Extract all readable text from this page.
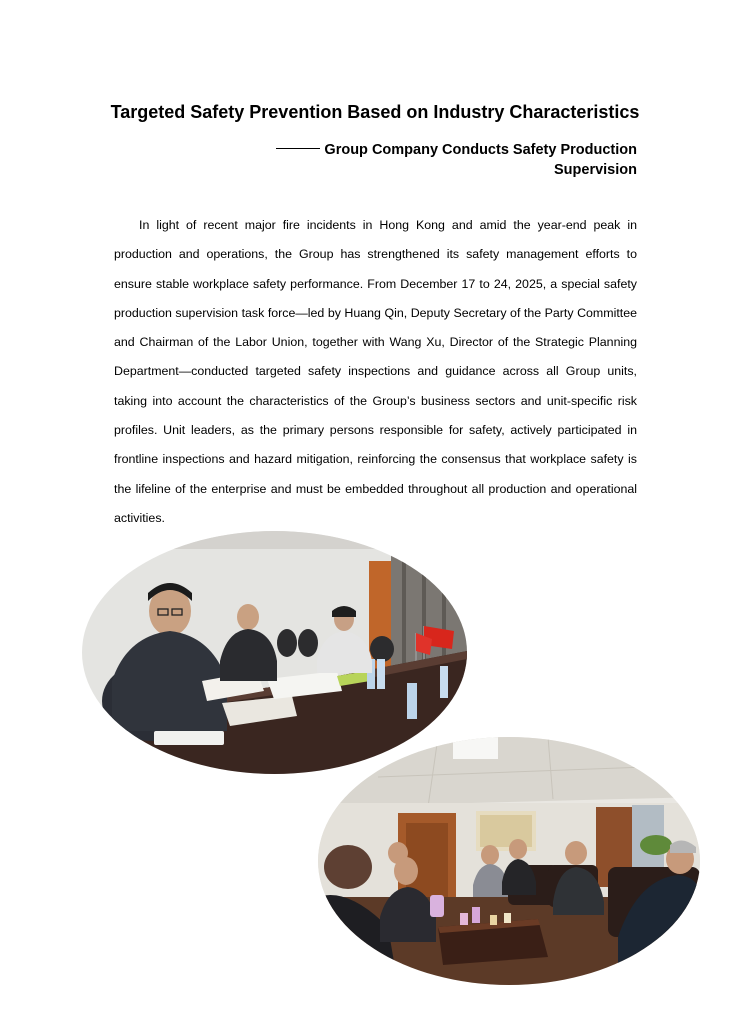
Targeted Safety Prevention Based on Industry Characteristics
Group Company Conducts Safety Production Supervision

In light of recent major fire incidents in Hong Kong and amid the year-end peak in production and operations, the Group has strengthened its safety management efforts to ensure stable workplace safety performance. From December 17 to 24, 2025, a special safety production supervision task force—led by Huang Qin, Deputy Secretary of the Party Committee and Chairman of the Labor Union, together with Wang Xu, Director of the Strategic Planning Department—conducted targeted safety inspections and guidance across all Group units, taking into account the characteristics of the Group’s business sectors and unit-specific risk profiles. Unit leaders, as the primary persons responsible for safety, actively participated in frontline inspections and hazard mitigation, reinforcing the consensus that workplace safety is the lifeline of the enterprise and must be embedded throughout all production and operational activities.
